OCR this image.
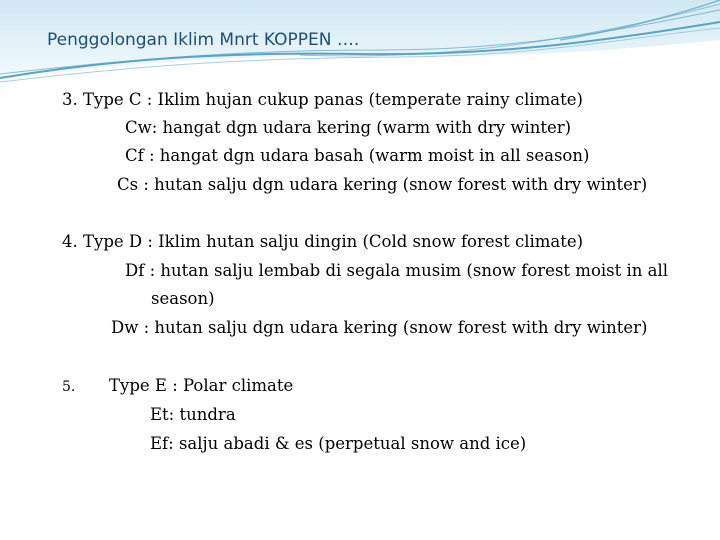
Penggolongan Iklim Mnrt KOPPEN ….
3. Type C : Iklim hujan cukup panas (temperate rainy climate)
Cw: hangat dgn udara kering (warm with dry winter)
Cf : hangat dgn udara basah (warm moist in all season)
Cs : hutan salju dgn udara kering (snow forest with dry winter)
4. Type D : Iklim hutan salju dingin (Cold snow forest climate)
Df : hutan salju lembab di segala musim (snow forest moist in all
season)
Dw : hutan salju dgn udara kering (snow forest with dry winter)
5. Type E : Polar climate
Et: tundra
Ef: salju abadi & es (perpetual snow and ice)
